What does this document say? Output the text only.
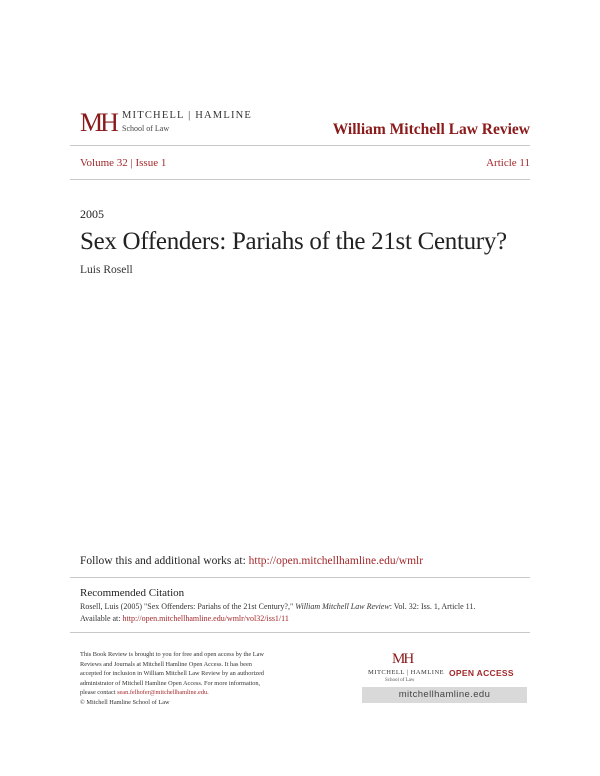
MH MITCHELL | HAMLINE
School of Law	William Mitchell Law Review
Volume 32 | Issue 1	Article 11
2005
Sex Offenders: Pariahs of the 21st Century?
Luis Rosell
Follow this and additional works at: http://open.mitchellhamline.edu/wmlr
Recommended Citation
Rosell, Luis (2005) "Sex Offenders: Pariahs of the 21st Century?," William Mitchell Law Review: Vol. 32: Iss. 1, Article 11.
Available at: http://open.mitchellhamline.edu/wmlr/vol32/iss1/11
This Book Review is brought to you for free and open access by the Law
Reviews and Journals at Mitchell Hamline Open Access. It has been
accepted for inclusion in William Mitchell Law Review by an authorized
administrator of Mitchell Hamline Open Access. For more information,
please contact sean.felhofer@mitchellhamline.edu.
© Mitchell Hamline School of Law
MH
MITCHELL | HAMLINE
School of Law
OPEN ACCESS
mitchellhamline.edu
